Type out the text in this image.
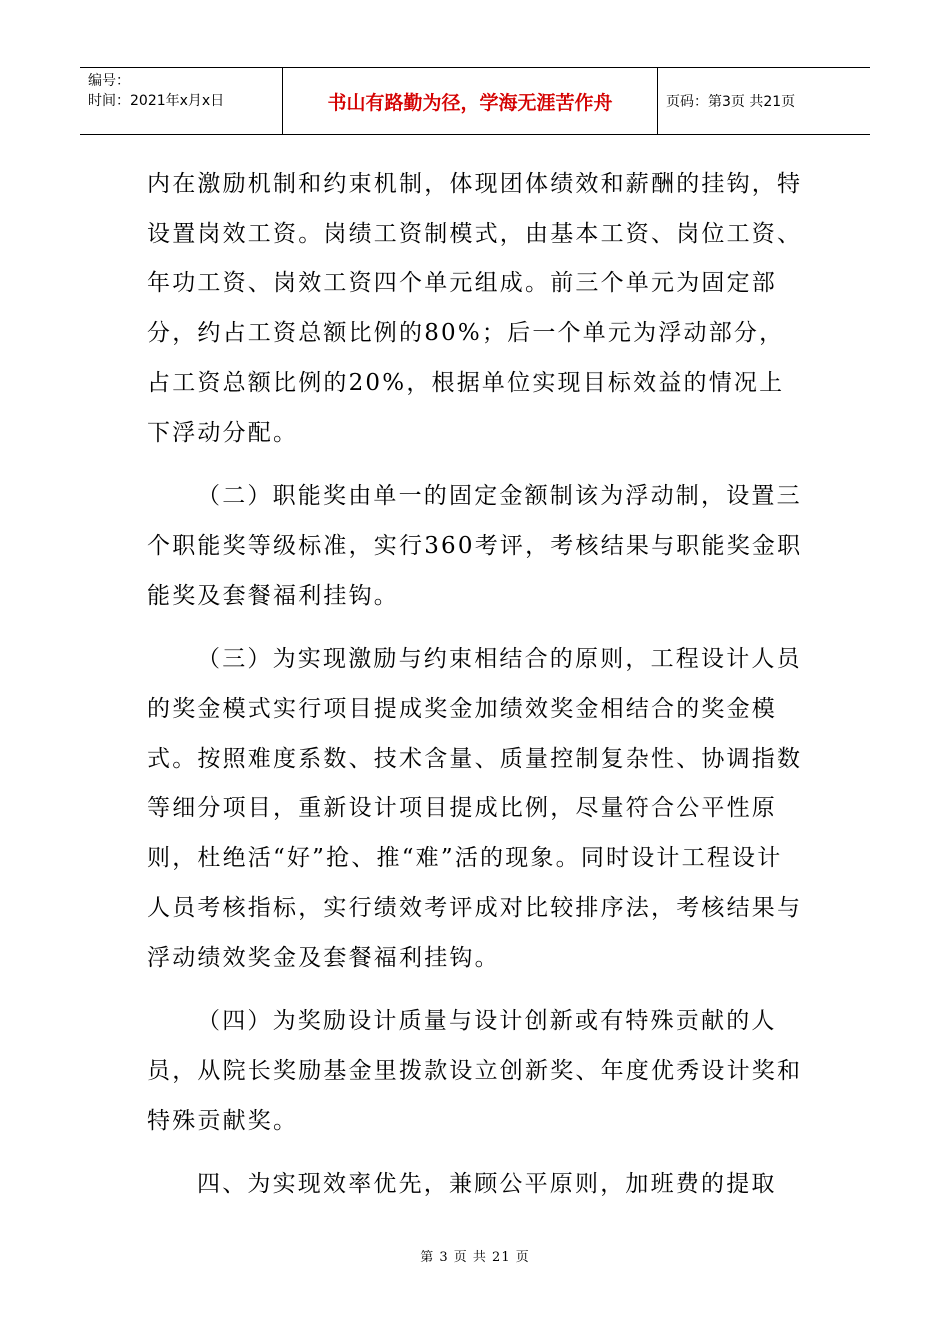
编号：
时间：2021年x月x日	书山有路勤为径，学海无涯苦作舟	页码：第3页 共21页

内在激励机制和约束机制，体现团体绩效和薪酬的挂钩，特设置岗效工资。岗绩工资制模式，由基本工资、岗位工资、年功工资、岗效工资四个单元组成。前三个单元为固定部分，约占工资总额比例的80%；后一个单元为浮动部分，占工资总额比例的20%，根据单位实现目标效益的情况上下浮动分配。

（二）职能奖由单一的固定金额制该为浮动制，设置三个职能奖等级标准，实行360考评，考核结果与职能奖金职能奖及套餐福利挂钩。

（三）为实现激励与约束相结合的原则，工程设计人员的奖金模式实行项目提成奖金加绩效奖金相结合的奖金模式。按照难度系数、技术含量、质量控制复杂性、协调指数等细分项目，重新设计项目提成比例，尽量符合公平性原则，杜绝活“好”抢、推“难”活的现象。同时设计工程设计人员考核指标，实行绩效考评成对比较排序法，考核结果与浮动绩效奖金及套餐福利挂钩。

（四）为奖励设计质量与设计创新或有特殊贡献的人员，从院长奖励基金里拨款设立创新奖、年度优秀设计奖和特殊贡献奖。

四、为实现效率优先，兼顾公平原则，加班费的提取

第 3 页 共 21 页
